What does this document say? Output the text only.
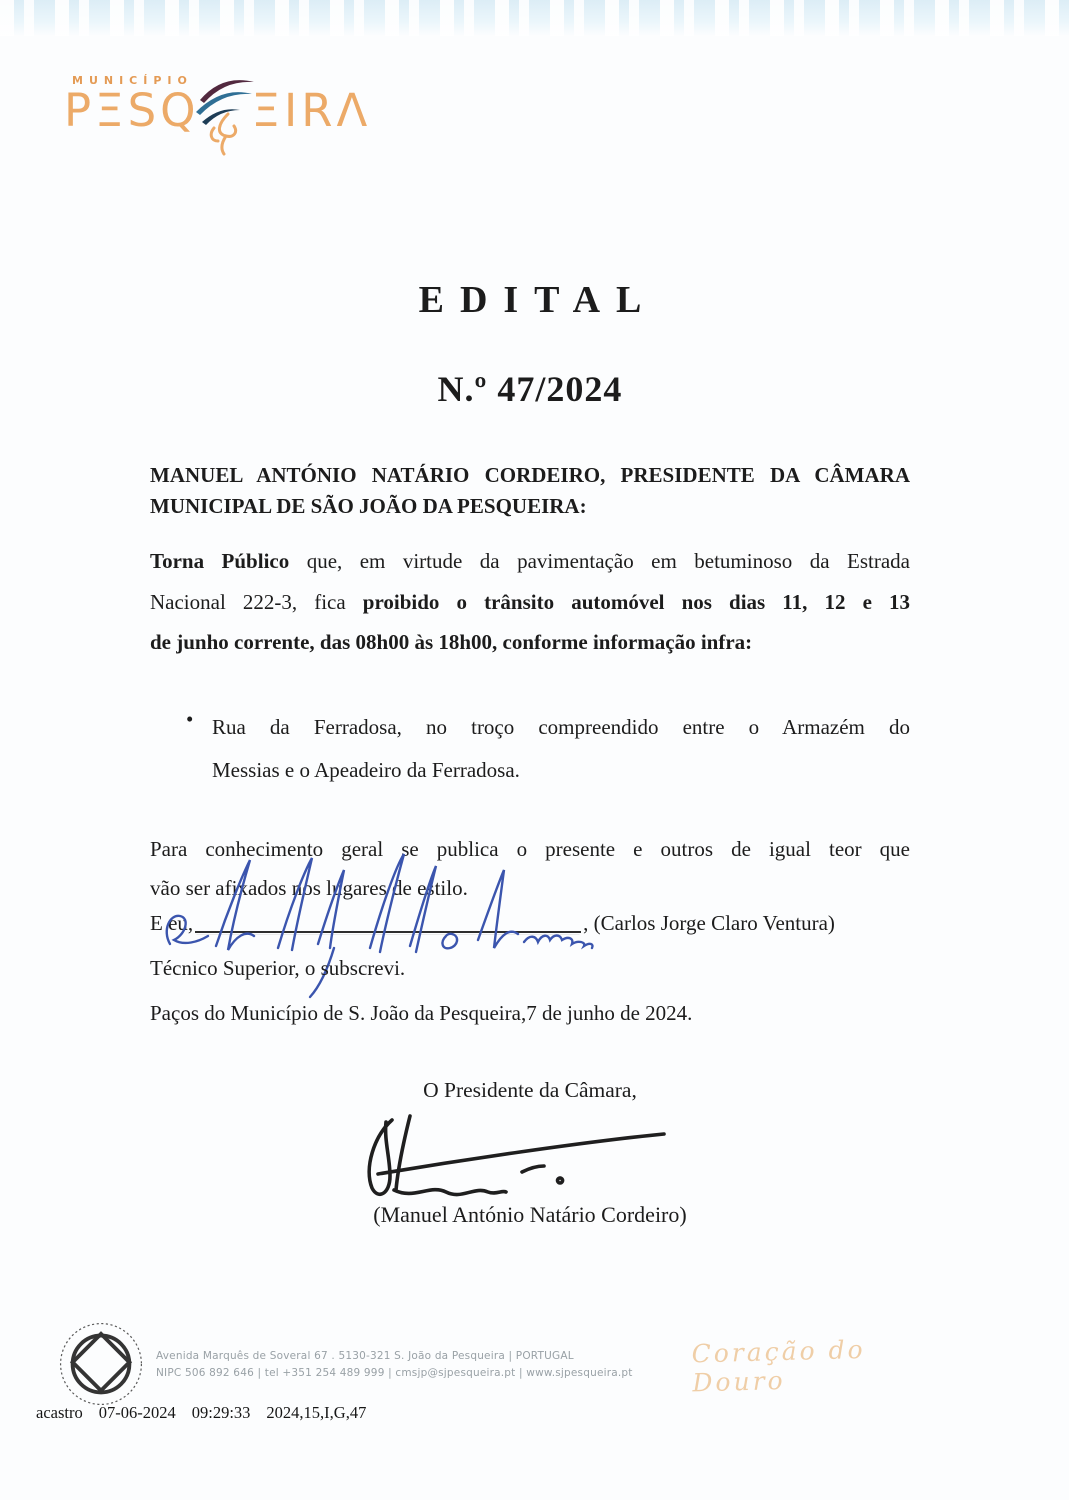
MUNICÍPIO
PΞSQ ΞIRΛ
EDITAL
N.º 47/2024
MANUEL ANTÓNIO NATÁRIO CORDEIRO, PRESIDENTE DA CÂMARA
MUNICIPAL DE SÃO JOÃO DA PESQUEIRA:
Torna Público que, em virtude da pavimentação em betuminoso da Estrada
Nacional 222-3, fica proibido o trânsito automóvel nos dias 11, 12 e 13
de junho corrente, das 08h00 às 18h00, conforme informação infra:
• Rua da Ferradosa, no troço compreendido entre o Armazém do
Messias e o Apeadeiro da Ferradosa.
Para conhecimento geral se publica o presente e outros de igual teor que
vão ser afixados nos lugares de estilo.
E eu,	, (Carlos Jorge Claro Ventura)
Técnico Superior, o subscrevi.
Paços do Município de S. João da Pesqueira,7 de junho de 2024.
O Presidente da Câmara,
(Manuel António Natário Cordeiro)
Avenida Marquês de Soveral 67 . 5130-321 S. João da Pesqueira | PORTUGAL
NIPC 506 892 646 | tel +351 254 489 999 | cmsjp@sjpesqueira.pt | www.sjpesqueira.pt
Coração do Douro
acastro 07-06-2024 09:29:33 2024,15,I,G,47
